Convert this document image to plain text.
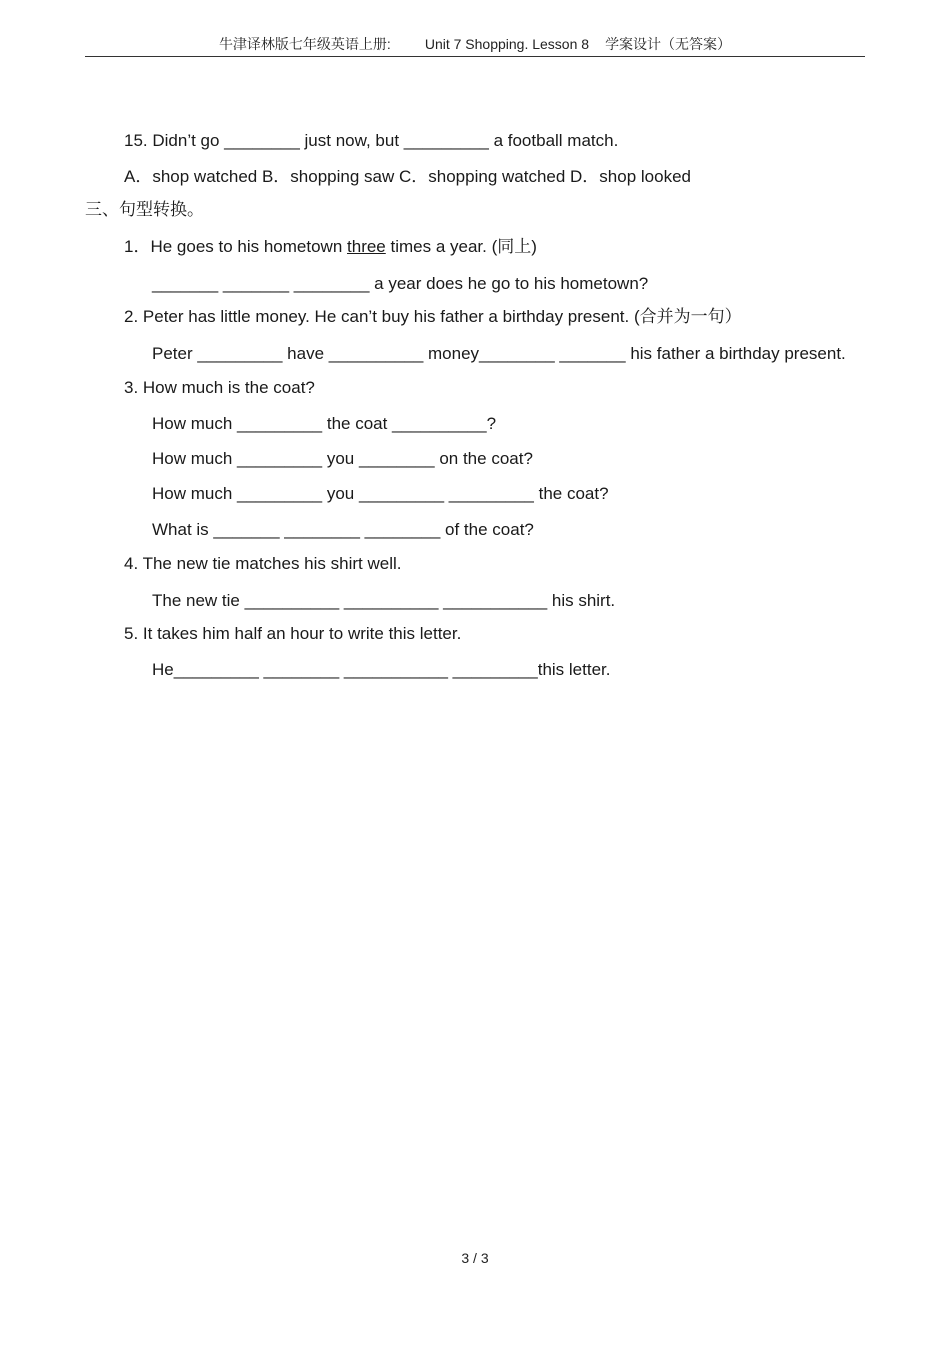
牛津译林版七年级英语上册: Unit 7 Shopping. Lesson 8 学案设计（无答案）
15. Didn’t go ________ just now, but _________ a football match.
A．shop watched B．shopping saw C．shopping watched D．shop looked
三、句型转换。
1．He goes to his hometown three times a year. (同上)
_______ _______ ________ a year does he go to his hometown?
2. Peter has little money. He can’t buy his father a birthday present. (合并为一句）
Peter _________ have __________ money________ _______ his father a birthday present.
3. How much is the coat?
How much _________ the coat __________?
How much _________ you ________ on the coat?
How much _________ you _________ _________ the coat?
What is _______ ________ ________ of the coat?
4. The new tie matches his shirt well.
The new tie __________ __________ ___________ his shirt.
5. It takes him half an hour to write this letter.
He_________ ________ ___________ _________this letter.
3 / 3
